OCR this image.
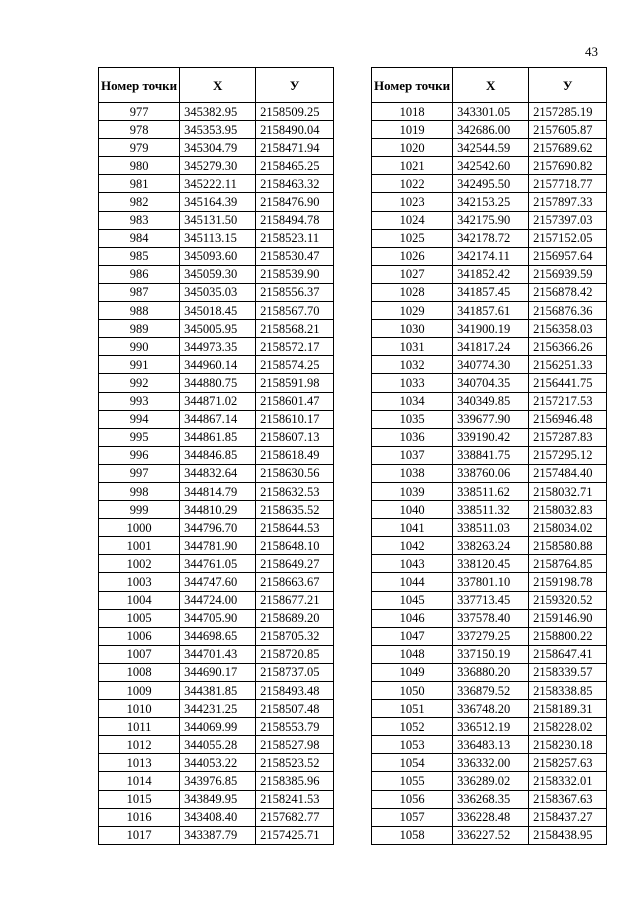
43
Номер точки	Х	У
977	345382.95	2158509.25
978	345353.95	2158490.04
979	345304.79	2158471.94
980	345279.30	2158465.25
981	345222.11	2158463.32
982	345164.39	2158476.90
983	345131.50	2158494.78
984	345113.15	2158523.11
985	345093.60	2158530.47
986	345059.30	2158539.90
987	345035.03	2158556.37
988	345018.45	2158567.70
989	345005.95	2158568.21
990	344973.35	2158572.17
991	344960.14	2158574.25
992	344880.75	2158591.98
993	344871.02	2158601.47
994	344867.14	2158610.17
995	344861.85	2158607.13
996	344846.85	2158618.49
997	344832.64	2158630.56
998	344814.79	2158632.53
999	344810.29	2158635.52
1000	344796.70	2158644.53
1001	344781.90	2158648.10
1002	344761.05	2158649.27
1003	344747.60	2158663.67
1004	344724.00	2158677.21
1005	344705.90	2158689.20
1006	344698.65	2158705.32
1007	344701.43	2158720.85
1008	344690.17	2158737.05
1009	344381.85	2158493.48
1010	344231.25	2158507.48
1011	344069.99	2158553.79
1012	344055.28	2158527.98
1013	344053.22	2158523.52
1014	343976.85	2158385.96
1015	343849.95	2158241.53
1016	343408.40	2157682.77
1017	343387.79	2157425.71
Номер точки	Х	У
1018	343301.05	2157285.19
1019	342686.00	2157605.87
1020	342544.59	2157689.62
1021	342542.60	2157690.82
1022	342495.50	2157718.77
1023	342153.25	2157897.33
1024	342175.90	2157397.03
1025	342178.72	2157152.05
1026	342174.11	2156957.64
1027	341852.42	2156939.59
1028	341857.45	2156878.42
1029	341857.61	2156876.36
1030	341900.19	2156358.03
1031	341817.24	2156366.26
1032	340774.30	2156251.33
1033	340704.35	2156441.75
1034	340349.85	2157217.53
1035	339677.90	2156946.48
1036	339190.42	2157287.83
1037	338841.75	2157295.12
1038	338760.06	2157484.40
1039	338511.62	2158032.71
1040	338511.32	2158032.83
1041	338511.03	2158034.02
1042	338263.24	2158580.88
1043	338120.45	2158764.85
1044	337801.10	2159198.78
1045	337713.45	2159320.52
1046	337578.40	2159146.90
1047	337279.25	2158800.22
1048	337150.19	2158647.41
1049	336880.20	2158339.57
1050	336879.52	2158338.85
1051	336748.20	2158189.31
1052	336512.19	2158228.02
1053	336483.13	2158230.18
1054	336332.00	2158257.63
1055	336289.02	2158332.01
1056	336268.35	2158367.63
1057	336228.48	2158437.27
1058	336227.52	2158438.95
